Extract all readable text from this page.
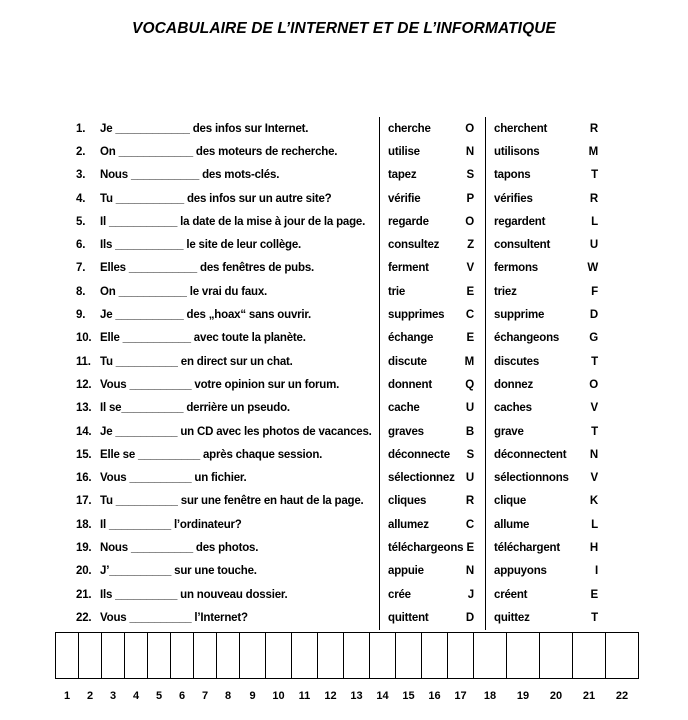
VOCABULAIRE DE L’INTERNET ET DE L’INFORMATIQUE
1.	Je ____________ des infos sur Internet.	cherche	O cherchent	R
2.	On ____________ des moteurs de recherche.	utilise	N utilisons	M
3.	Nous ___________ des mots-clés.	tapez	S tapons	T
4.	Tu ___________ des infos sur un autre site?	vérifie	P vérifies	R
5.	Il ___________ la date de la mise à jour de la page.	regarde	O regardent	L
6.	Ils ___________ le site de leur collège.	consultez Z consultent	U
7.	Elles ___________ des fenêtres de pubs.	ferment	V fermons	W
8.	On ___________ le vrai du faux.	trie	E triez	F
9.	Je ___________ des „hoax“ sans ouvrir.	supprimes C supprime	D
10. Elle ___________ avec toute la planète.	échange	E échangeons	G
11. Tu __________ en direct sur un chat.	discute	M discutes	T
12. Vous __________ votre opinion sur un forum.	donnent	Q donnez	O
13. Il se__________ derrière un pseudo.	cache	U caches	V
14. Je __________ un CD avec les photos de vacances.	graves	B grave	T
15. Elle se __________ après chaque session.	déconnecte S déconnectent N
16. Vous __________ un fichier.	sélectionnez U sélectionnons V
17. Tu __________ sur une fenêtre en haut de la page.	cliques	R clique	K
18. Il __________ l’ordinateur?	allumez	C allume	L
19. Nous __________ des photos.	téléchargeons E téléchargent	H
20. J’__________ sur une touche.	appuie	N appuyons	I
21. Ils __________ un nouveau dossier.	crée	J créent	E
22. Vous __________ l’Internet?	quittent	D quittez	T

1	2	3	4	5	6	7	8	9	10	11	12	13	14	15	16	17	18	19	20	21	22
